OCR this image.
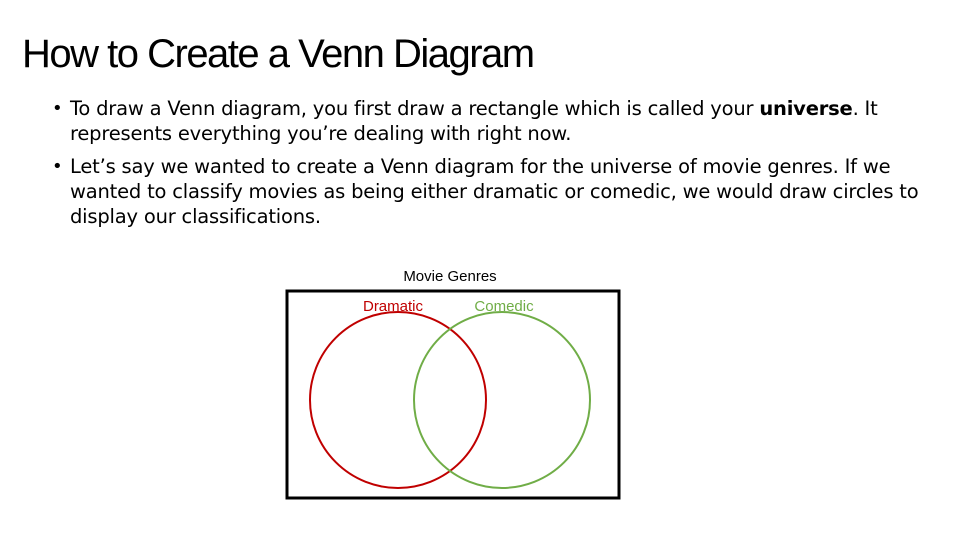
How to Create a Venn Diagram
• To draw a Venn diagram, you first draw a rectangle which is called your universe. It represents everything you’re dealing with right now.
• Let’s say we wanted to create a Venn diagram for the universe of movie genres. If we wanted to classify movies as being either dramatic or comedic, we would draw circles to display our classifications.
Movie Genres
Dramatic	Comedic
